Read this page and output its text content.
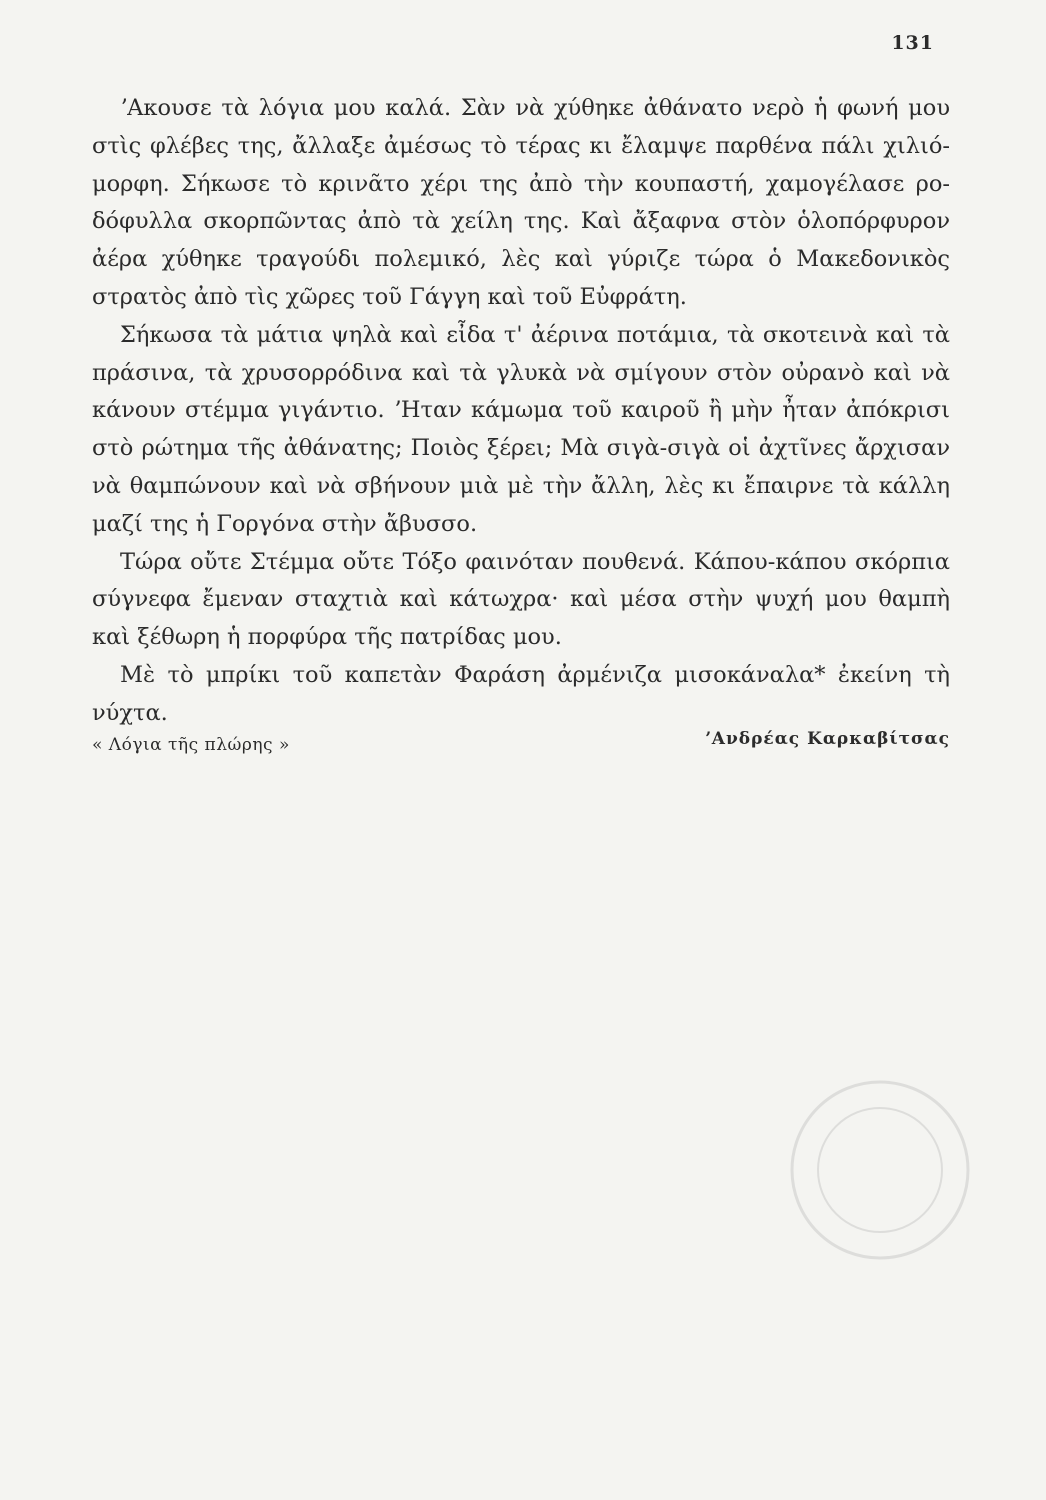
131

ʼΑκουσε τὰ λόγια μου καλά. Σὰν νὰ χύθηκε ἀθάνατο νερὸ ἡ φωνή μου στὶς φλέβες της, ἄλλαξε ἀμέσως τὸ τέρας κι ἔλαμψε παρθένα πάλι χιλιόμορφη. Σήκωσε τὸ κρινᾶτο χέρι της ἀπὸ τὴν κουπαστή, χαμογέλασε ροδόφυλλα σκορπῶντας ἀπὸ τὰ χείλη της. Καὶ ἄξαφνα στὸν ὁλοπόρφυρον ἀέρα χύθηκε τραγούδι πολεμικό, λὲς καὶ γύριζε τώρα ὁ Μακεδονικὸς στρατὸς ἀπὸ τὶς χῶρες τοῦ Γάγγη καὶ τοῦ Εὐφράτη.

Σήκωσα τὰ μάτια ψηλὰ καὶ εἶδα τ' ἀέρινα ποτάμια, τὰ σκοτεινὰ καὶ τὰ πράσινα, τὰ χρυσορρόδινα καὶ τὰ γλυκὰ νὰ σμίγουν στὸν οὐρανὸ καὶ νὰ κάνουν στέμμα γιγάντιο. ʼΗταν κάμωμα τοῦ καιροῦ ἢ μὴν ἦταν ἀπόκρισι στὸ ρώτημα τῆς ἀθάνατης; Ποιὸς ξέρει; Μὰ σιγὰ-σιγὰ οἱ ἀχτῖνες ἄρχισαν νὰ θαμπώνουν καὶ νὰ σβήνουν μιὰ μὲ τὴν ἄλλη, λὲς κι ἔπαιρνε τὰ κάλλη μαζί της ἡ Γοργόνα στὴν ἄβυσσο.

Τώρα οὔτε Στέμμα οὔτε Τόξο φαινόταν πουθενά. Κάπου-κάπου σκόρπια σύγνεφα ἔμεναν σταχτιὰ καὶ κάτωχρα· καὶ μέσα στὴν ψυχή μου θαμπὴ καὶ ξέθωρη ἡ πορφύρα τῆς πατρίδας μου.

Μὲ τὸ μπρίκι τοῦ καπετὰν Φαράση ἀρμένιζα μισοκάναλα* ἐκείνη τὴ νύχτα.

« Λόγια τῆς πλώρης »	ʼΑνδρέας Καρκαβίτσας
